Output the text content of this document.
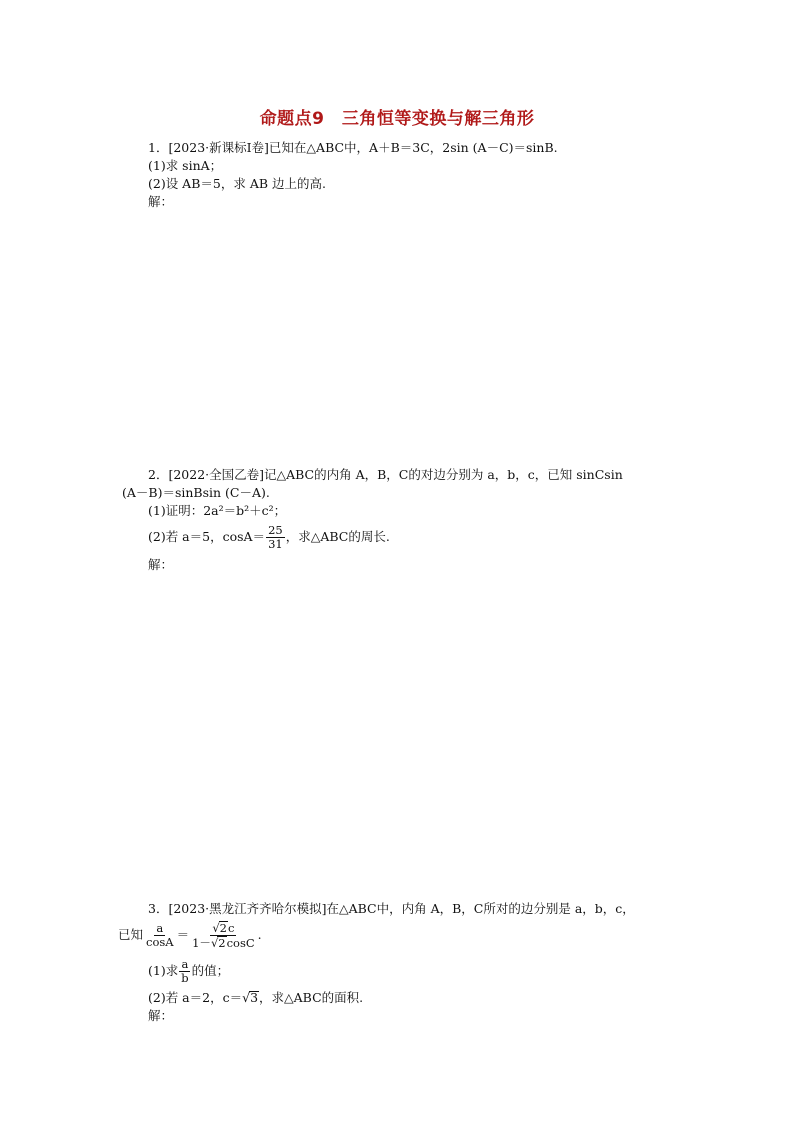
命题点9　三角恒等变换与解三角形
1．[2023·新课标Ⅰ卷]已知在△ABC中，A＋B＝3C，2sin (A－C)＝sinB.
(1)求 sinA；
(2)设 AB＝5，求 AB 边上的高.
解：
2．[2022·全国乙卷]记△ABC的内角 A，B，C的对边分别为 a，b，c，已知 sinCsin
(A－B)＝sinBsin (C－A).
(1)证明：2a²＝b²＋c²；
(2)若 a＝5，$\cos A= \frac{25}{31}$ ，求△ABC的周长.
解：
3．[2023·黑龙江齐齐哈尔模拟]在△ABC中，内角 A，B，C所对的边分别是 a，b，c，
已知 $\frac{a}{\cos A} = \frac{√2c}{1-√2\cos C}$ .
(1)求 $\frac{a}{b}$ 的值；
(2)若 a＝2，c＝√3，求△ABC的面积.
解：
